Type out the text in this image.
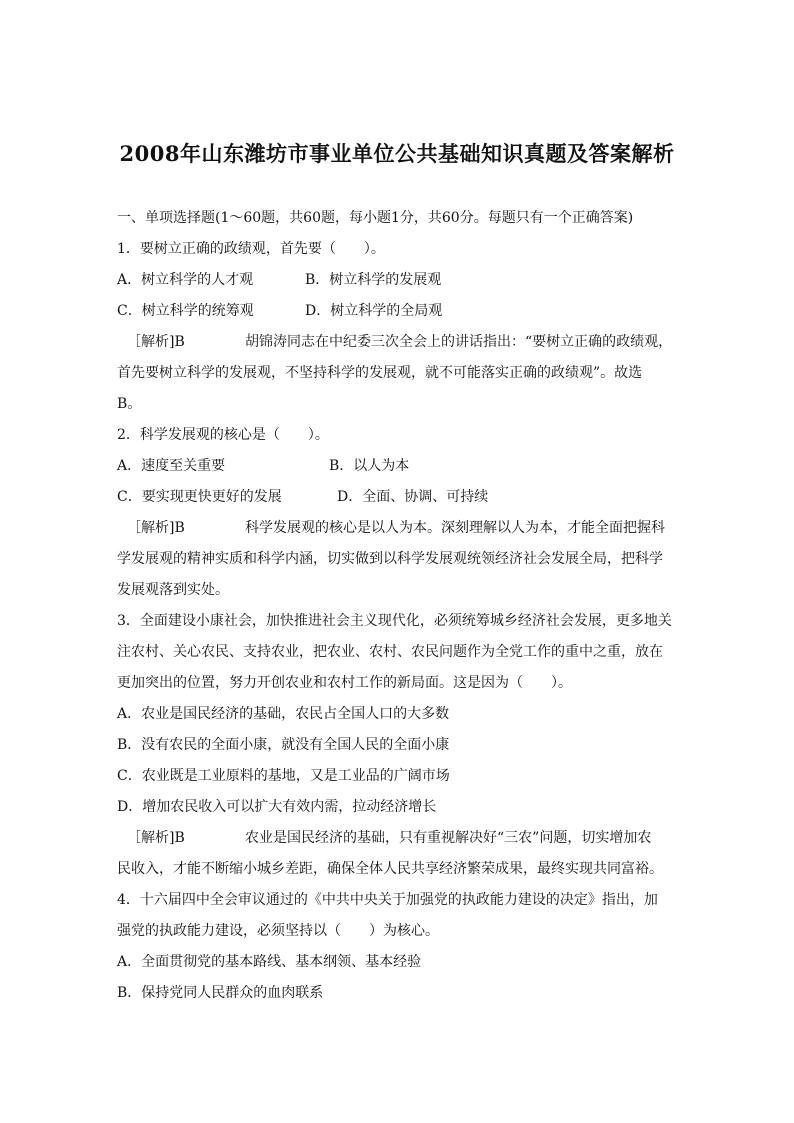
2008年山东潍坊市事业单位公共基础知识真题及答案解析

一、单项选择题(1～60题，共60题，每小题1分，共60分。每题只有一个正确答案)

1．要树立正确的政绩观，首先要（　　）。

A．树立科学的人才观	B．树立科学的发展观
C．树立科学的统筹观	D．树立科学的全局观

［解析]B	胡锦涛同志在中纪委三次全会上的讲话指出：“要树立正确的政绩观，

首先要树立科学的发展观，不坚持科学的发展观，就不可能落实正确的政绩观”。故选

B。

2．科学发展观的核心是（　　）。

A．速度至关重要	B．以人为本
C．要实现更快更好的发展	D．全面、协调、可持续

［解析]B	科学发展观的核心是以人为本。深刻理解以人为本，才能全面把握科

学发展观的精神实质和科学内涵，切实做到以科学发展观统领经济社会发展全局，把科学

发展观落到实处。

3．全面建设小康社会，加快推进社会主义现代化，必须统筹城乡经济社会发展，更多地关

注农村、关心农民、支持农业，把农业、农村、农民问题作为全党工作的重中之重，放在

更加突出的位置，努力开创农业和农村工作的新局面。这是因为（　　）。

A．农业是国民经济的基础，农民占全国人口的大多数

B．没有农民的全面小康，就没有全国人民的全面小康

C．农业既是工业原料的基地，又是工业品的广阔市场

D．增加农民收入可以扩大有效内需，拉动经济增长

［解析]B	农业是国民经济的基础，只有重视解决好“三农”问题，切实增加农

民收入，才能不断缩小城乡差距，确保全体人民共享经济繁荣成果，最终实现共同富裕。

4．十六届四中全会审议通过的《中共中央关于加强党的执政能力建设的决定》指出，加

强党的执政能力建设，必须坚持以（　　）为核心。

A．全面贯彻党的基本路线、基本纲领、基本经验

B．保持党同人民群众的血肉联系
